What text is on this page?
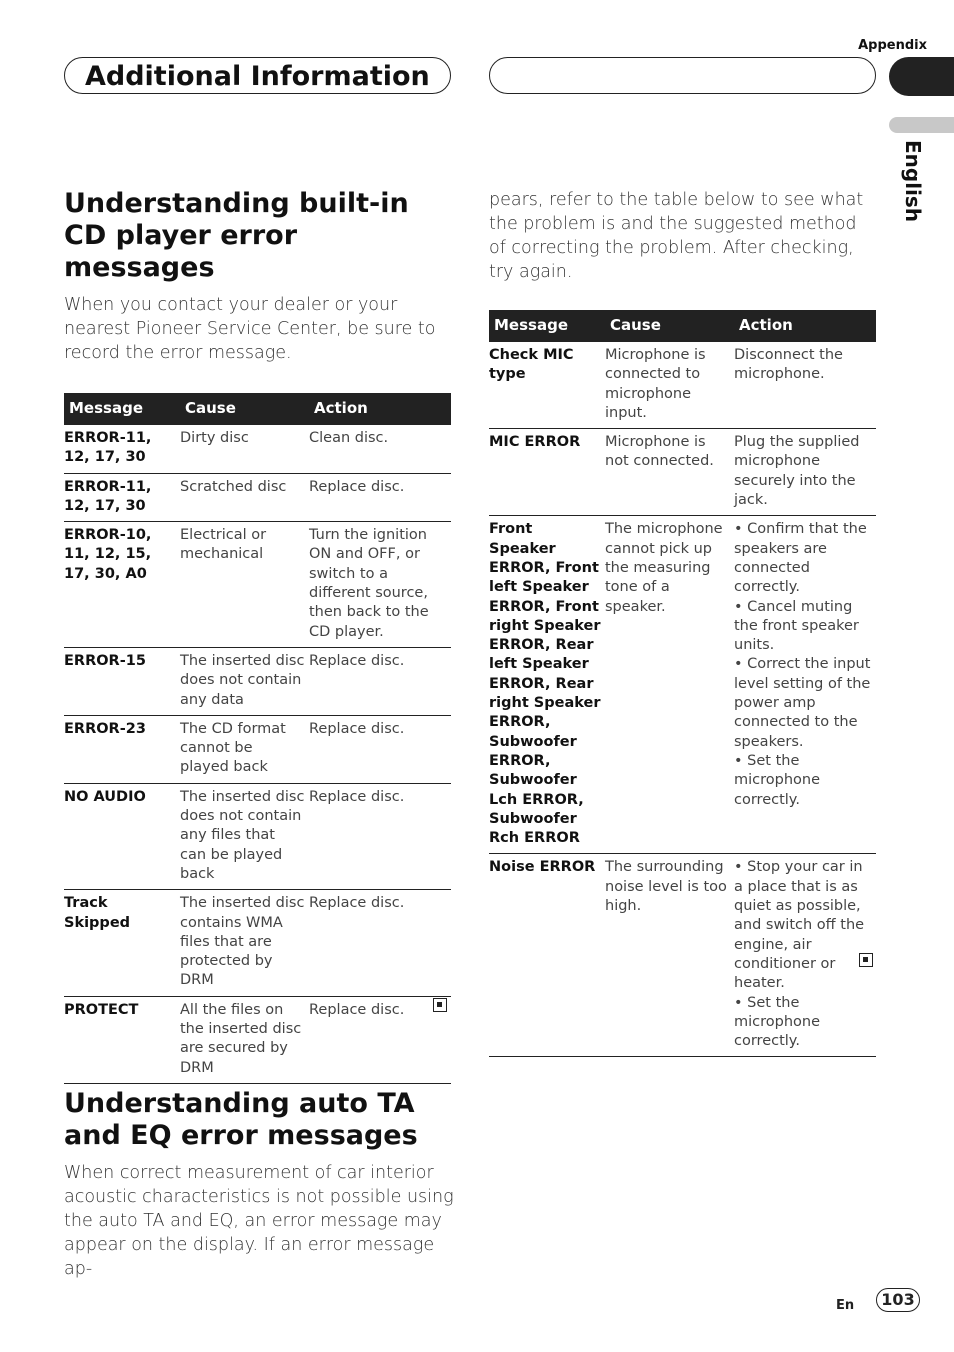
Appendix
Additional Information
English
Understanding built-in CD player error messages
When you contact your dealer or your nearest Pioneer Service Center, be sure to record the error message.
Message	Cause	Action
ERROR-11, 12, 17, 30	Dirty disc	Clean disc.
ERROR-11, 12, 17, 30	Scratched disc	Replace disc.
ERROR-10, 11, 12, 15, 17, 30, A0	Electrical or mechanical	Turn the ignition ON and OFF, or switch to a different source, then back to the CD player.
ERROR-15	The inserted disc does not contain any data	Replace disc.
ERROR-23	The CD format cannot be played back	Replace disc.
NO AUDIO	The inserted disc does not contain any files that can be played back	Replace disc.
Track Skipped	The inserted disc contains WMA files that are protected by DRM	Replace disc.
PROTECT	All the files on the inserted disc are secured by DRM	Replace disc.
Understanding auto TA and EQ error messages
When correct measurement of car interior acoustic characteristics is not possible using the auto TA and EQ, an error message may appear on the display. If an error message ap-
pears, refer to the table below to see what the problem is and the suggested method of correcting the problem. After checking, try again.
Message	Cause	Action
Check MIC type	Microphone is connected to microphone input.	Disconnect the microphone.
MIC ERROR	Microphone is not connected.	Plug the supplied microphone securely into the jack.
Front Speaker ERROR, Front left Speaker ERROR, Front right Speaker ERROR, Rear left Speaker ERROR, Rear right Speaker ERROR, Subwoofer ERROR, Subwoofer Lch ERROR, Subwoofer Rch ERROR	The microphone cannot pick up the measuring tone of a speaker.	• Confirm that the speakers are connected correctly.
• Cancel muting the front speaker units.
• Correct the input level setting of the power amp connected to the speakers.
• Set the microphone correctly.
Noise ERROR	The surrounding noise level is too high.	• Stop your car in a place that is as quiet as possible, and switch off the engine, air conditioner or heater.
• Set the microphone correctly.
En	103
